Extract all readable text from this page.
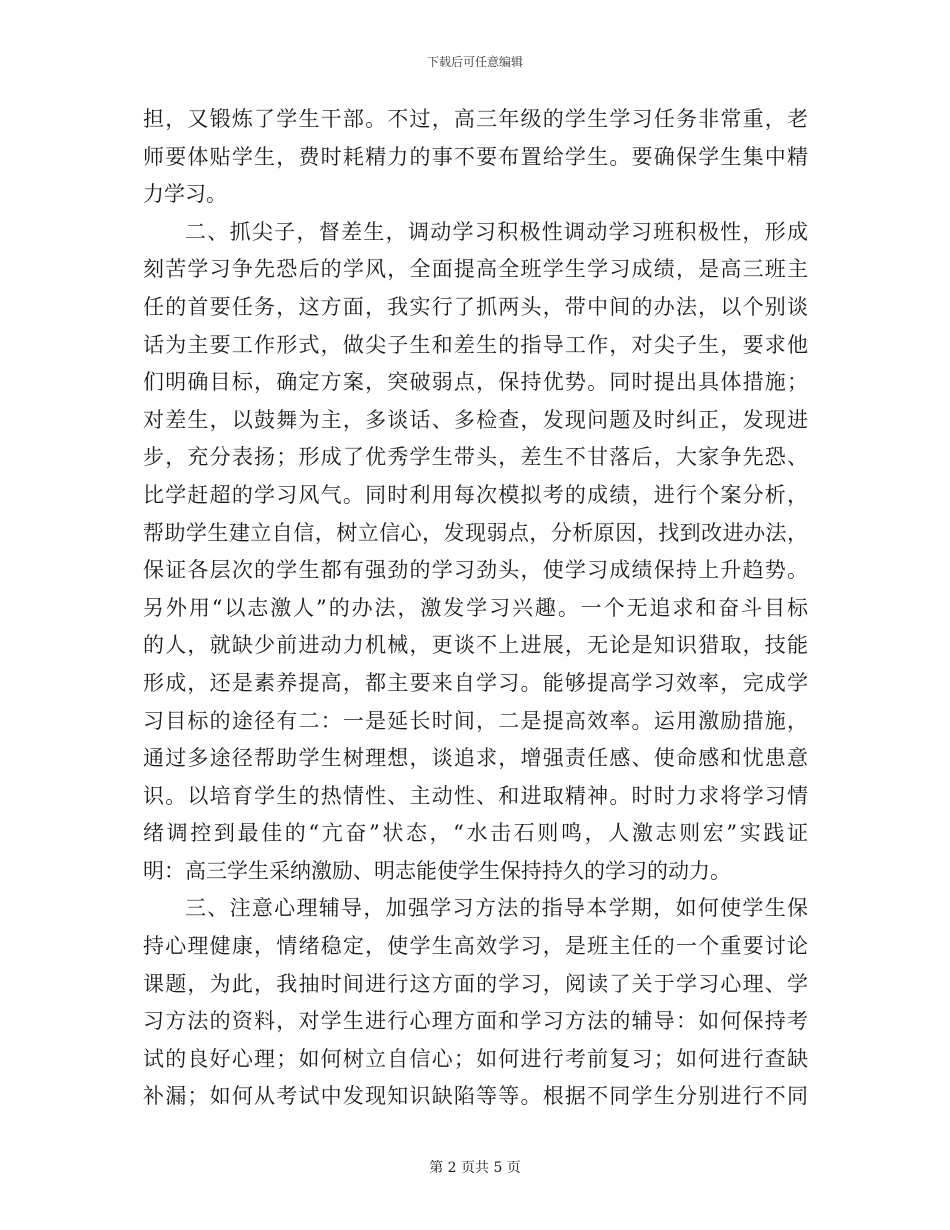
下载后可任意编辑
担，又锻炼了学生干部。不过，高三年级的学生学习任务非常重，老
师要体贴学生，费时耗精力的事不要布置给学生。要确保学生集中精
力学习。
二、抓尖子，督差生，调动学习积极性调动学习班积极性，形成
刻苦学习争先恐后的学风，全面提高全班学生学习成绩，是高三班主
任的首要任务，这方面，我实行了抓两头，带中间的办法，以个别谈
话为主要工作形式，做尖子生和差生的指导工作，对尖子生，要求他
们明确目标，确定方案，突破弱点，保持优势。同时提出具体措施；
对差生，以鼓舞为主，多谈话、多检查，发现问题及时纠正，发现进
步，充分表扬；形成了优秀学生带头，差生不甘落后，大家争先恐、
比学赶超的学习风气。同时利用每次模拟考的成绩，进行个案分析，
帮助学生建立自信，树立信心，发现弱点，分析原因，找到改进办法，
保证各层次的学生都有强劲的学习劲头，使学习成绩保持上升趋势。
另外用“以志激人”的办法，激发学习兴趣。一个无追求和奋斗目标
的人，就缺少前进动力机械，更谈不上进展，无论是知识猎取，技能
形成，还是素养提高，都主要来自学习。能够提高学习效率，完成学
习目标的途径有二：一是延长时间，二是提高效率。运用激励措施，
通过多途径帮助学生树理想，谈追求，增强责任感、使命感和忧患意
识。以培育学生的热情性、主动性、和进取精神。时时力求将学习情
绪调控到最佳的“亢奋”状态，“水击石则鸣，人激志则宏”实践证
明：高三学生采纳激励、明志能使学生保持持久的学习的动力。
三、注意心理辅导，加强学习方法的指导本学期，如何使学生保
持心理健康，情绪稳定，使学生高效学习，是班主任的一个重要讨论
课题，为此，我抽时间进行这方面的学习，阅读了关于学习心理、学
习方法的资料，对学生进行心理方面和学习方法的辅导：如何保持考
试的良好心理；如何树立自信心；如何进行考前复习；如何进行查缺
补漏；如何从考试中发现知识缺陷等等。根据不同学生分别进行不同
第 2 页共 5 页
